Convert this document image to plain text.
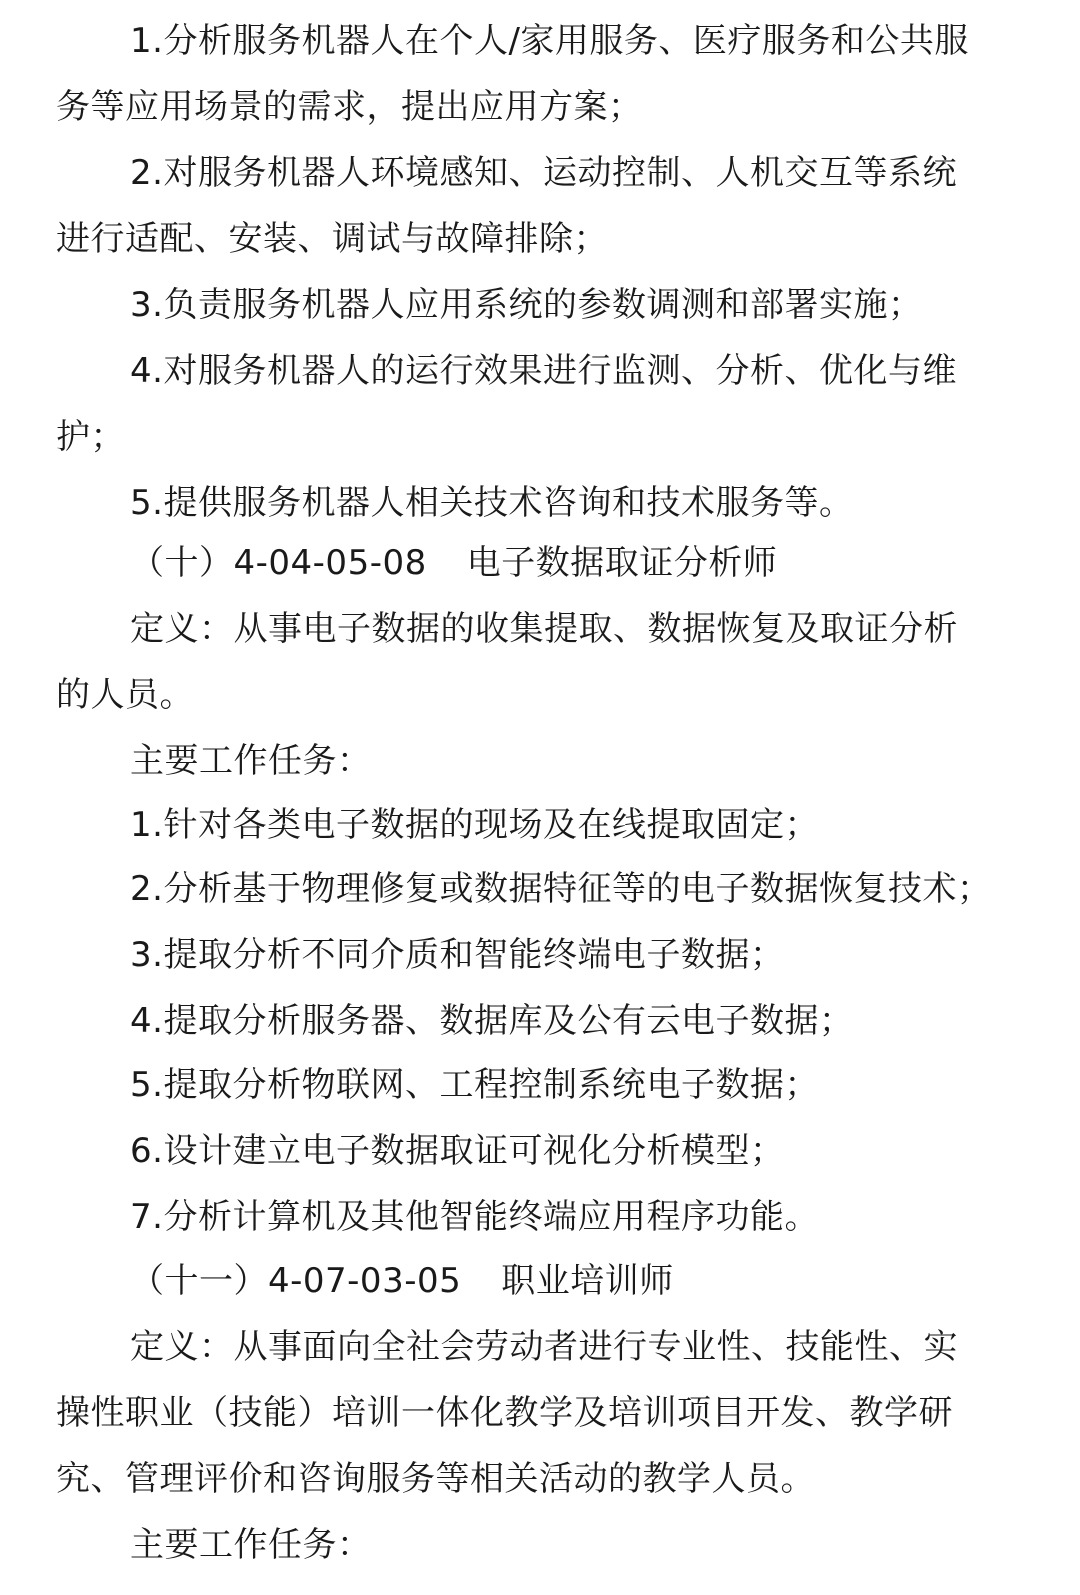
1.分析服务机器人在个人/家用服务、医疗服务和公共服
务等应用场景的需求，提出应用方案；
2.对服务机器人环境感知、运动控制、人机交互等系统
进行适配、安装、调试与故障排除；
3.负责服务机器人应用系统的参数调测和部署实施；
4.对服务机器人的运行效果进行监测、分析、优化与维
护；
5.提供服务机器人相关技术咨询和技术服务等。
（十）4-04-05-08 电子数据取证分析师
定义：从事电子数据的收集提取、数据恢复及取证分析
的人员。
主要工作任务：
1.针对各类电子数据的现场及在线提取固定；
2.分析基于物理修复或数据特征等的电子数据恢复技术；
3.提取分析不同介质和智能终端电子数据；
4.提取分析服务器、数据库及公有云电子数据；
5.提取分析物联网、工程控制系统电子数据；
6.设计建立电子数据取证可视化分析模型；
7.分析计算机及其他智能终端应用程序功能。
（十一）4-07-03-05 职业培训师
定义：从事面向全社会劳动者进行专业性、技能性、实
操性职业（技能）培训一体化教学及培训项目开发、教学研
究、管理评价和咨询服务等相关活动的教学人员。
主要工作任务：
